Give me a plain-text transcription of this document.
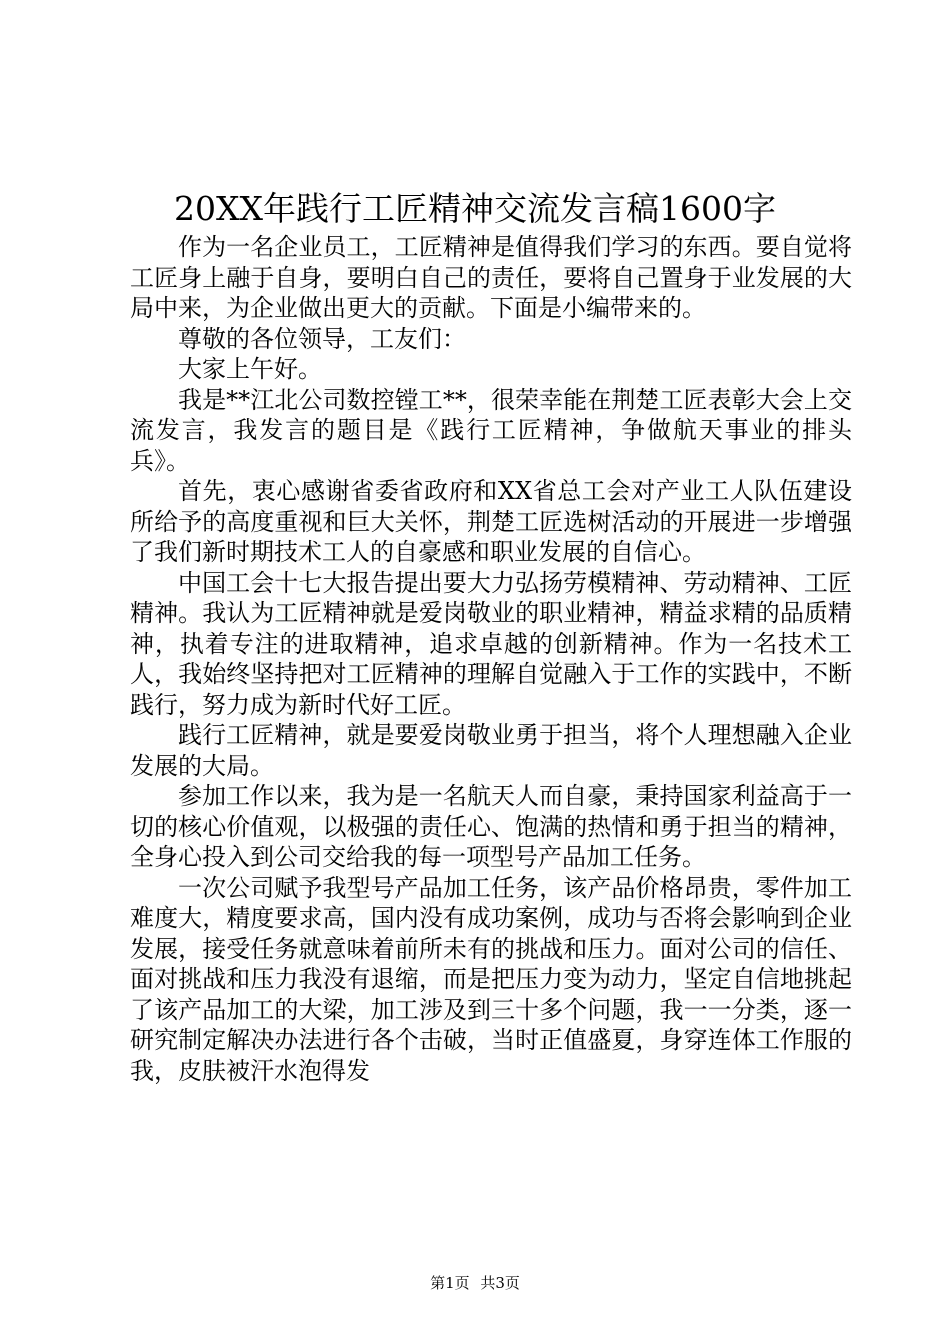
20XX年践行工匠精神交流发言稿1600字

作为一名企业员工，工匠精神是值得我们学习的东西。要自觉将工匠身上融于自身，要明白自己的责任，要将自己置身于业发展的大局中来，为企业做出更大的贡献。下面是小编带来的。

尊敬的各位领导，工友们：

大家上午好。

我是**江北公司数控镗工**，很荣幸能在荆楚工匠表彰大会上交流发言，我发言的题目是《践行工匠精神，争做航天事业的排头兵》。

首先，衷心感谢省委省政府和XX省总工会对产业工人队伍建设所给予的高度重视和巨大关怀，荆楚工匠选树活动的开展进一步增强了我们新时期技术工人的自豪感和职业发展的自信心。

中国工会十七大报告提出要大力弘扬劳模精神、劳动精神、工匠精神。我认为工匠精神就是爱岗敬业的职业精神，精益求精的品质精神，执着专注的进取精神，追求卓越的创新精神。作为一名技术工人，我始终坚持把对工匠精神的理解自觉融入于工作的实践中，不断践行，努力成为新时代好工匠。

践行工匠精神，就是要爱岗敬业勇于担当，将个人理想融入企业发展的大局。

参加工作以来，我为是一名航天人而自豪，秉持国家利益高于一切的核心价值观，以极强的责任心、饱满的热情和勇于担当的精神，全身心投入到公司交给我的每一项型号产品加工任务。

一次公司赋予我型号产品加工任务，该产品价格昂贵，零件加工难度大，精度要求高，国内没有成功案例，成功与否将会影响到企业发展，接受任务就意味着前所未有的挑战和压力。面对公司的信任、面对挑战和压力我没有退缩，而是把压力变为动力，坚定自信地挑起了该产品加工的大梁，加工涉及到三十多个问题，我一一分类，逐一研究制定解决办法进行各个击破，当时正值盛夏，身穿连体工作服的我，皮肤被汗水泡得发

第1页 共3页
